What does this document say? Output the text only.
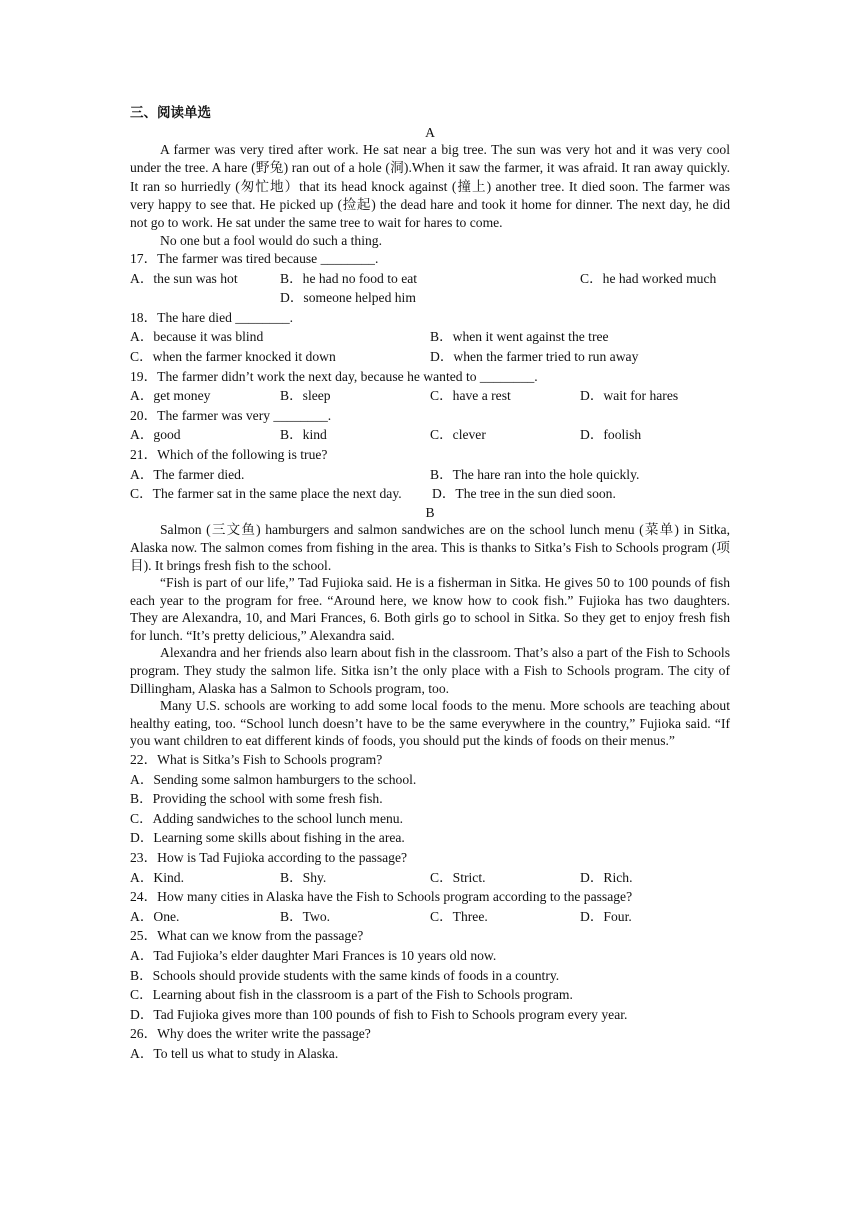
三、阅读单选
A

A farmer was very tired after work. He sat near a big tree. The sun was very hot and it was very cool under the tree. A hare (野兔) ran out of a hole (洞).When it saw the farmer, it was afraid. It ran away quickly. It ran so hurriedly (匆忙地）that its head knock against (撞上) another tree. It died soon. The farmer was very happy to see that. He picked up (捡起) the dead hare and took it home for dinner. The next day, he did not go to work. He sat under the same tree to wait for hares to come.

No one but a fool would do such a thing.

17．The farmer was tired because ________.
A．the sun was hot	B．he had no food to eat	C．he had worked much
D．someone helped him
18．The hare died ________.
A．because it was blind	B．when it went against the tree
C．when the farmer knocked it down	D．when the farmer tried to run away
19．The farmer didn’t work the next day, because he wanted to ________.
A．get money	B．sleep	C．have a rest	D．wait for hares
20．The farmer was very ________.
A．good	B．kind	C．clever	D．foolish
21．Which of the following is true?
A．The farmer died.	B．The hare ran into the hole quickly.
C．The farmer sat in the same place the next day. D．The tree in the sun died soon.
B

Salmon (三文鱼) hamburgers and salmon sandwiches are on the school lunch menu (菜单) in Sitka, Alaska now. The salmon comes from fishing in the area. This is thanks to Sitka’s Fish to Schools program (项目). It brings fresh fish to the school.

“Fish is part of our life,” Tad Fujioka said. He is a fisherman in Sitka. He gives 50 to 100 pounds of fish each year to the program for free. “Around here, we know how to cook fish.” Fujioka has two daughters. They are Alexandra, 10, and Mari Frances, 6. Both girls go to school in Sitka. So they get to enjoy fresh fish for lunch. “It’s pretty delicious,” Alexandra said.

Alexandra and her friends also learn about fish in the classroom. That’s also a part of the Fish to Schools program. They study the salmon life. Sitka isn’t the only place with a Fish to Schools program. The city of Dillingham, Alaska has a Salmon to Schools program, too.

Many U.S. schools are working to add some local foods to the menu. More schools are teaching about healthy eating, too. “School lunch doesn’t have to be the same everywhere in the country,” Fujioka said. “If you want children to eat different kinds of foods, you should put the kinds of foods on their menus.”

22．What is Sitka’s Fish to Schools program?
A．Sending some salmon hamburgers to the school.
B．Providing the school with some fresh fish.
C．Adding sandwiches to the school lunch menu.
D．Learning some skills about fishing in the area.
23．How is Tad Fujioka according to the passage?
A．Kind.	B．Shy.	C．Strict.	D．Rich.
24．How many cities in Alaska have the Fish to Schools program according to the passage?
A．One.	B．Two.	C．Three.	D．Four.
25．What can we know from the passage?
A．Tad Fujioka’s elder daughter Mari Frances is 10 years old now.
B．Schools should provide students with the same kinds of foods in a country.
C．Learning about fish in the classroom is a part of the Fish to Schools program.
D．Tad Fujioka gives more than 100 pounds of fish to Fish to Schools program every year.
26．Why does the writer write the passage?
A．To tell us what to study in Alaska.
